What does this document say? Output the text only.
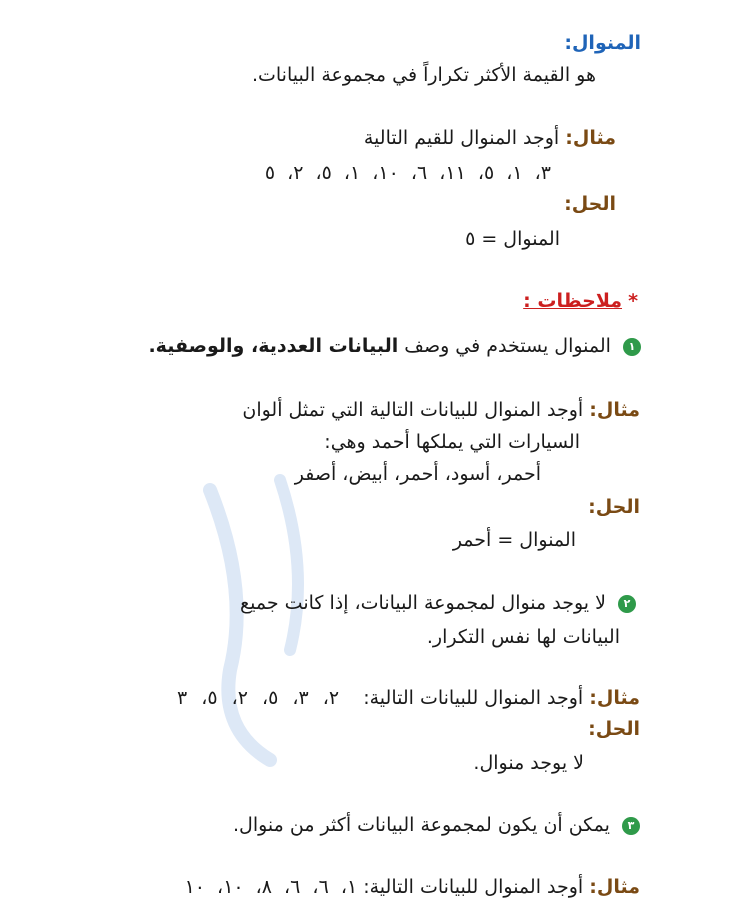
المنوال:
هو القيمة الأكثر تكراراً في مجموعة البيانات.
مثال: أوجد المنوال للقيم التالية
٣، ١، ٥، ١١، ٦، ١٠، ١، ٥، ٢، ٥
الحل:
المنوال = ٥
* ملاحظات :
١ المنوال يستخدم في وصف البيانات العددية، والوصفية.
مثال: أوجد المنوال للبيانات التالية التي تمثل ألوان
السيارات التي يملكها أحمد وهي:
أحمر، أسود، أحمر، أبيض، أصفر
الحل:
المنوال = أحمر
٢ لا يوجد منوال لمجموعة البيانات، إذا كانت جميع
البيانات لها نفس التكرار.
مثال: أوجد المنوال للبيانات التالية:  ٢، ٣، ٥، ٢، ٥، ٣
الحل:
لا يوجد منوال.
٣ يمكن أن يكون لمجموعة البيانات أكثر من منوال.
مثال: أوجد المنوال للبيانات التالية: ١، ٦، ٦، ٨، ١٠، ١٠
